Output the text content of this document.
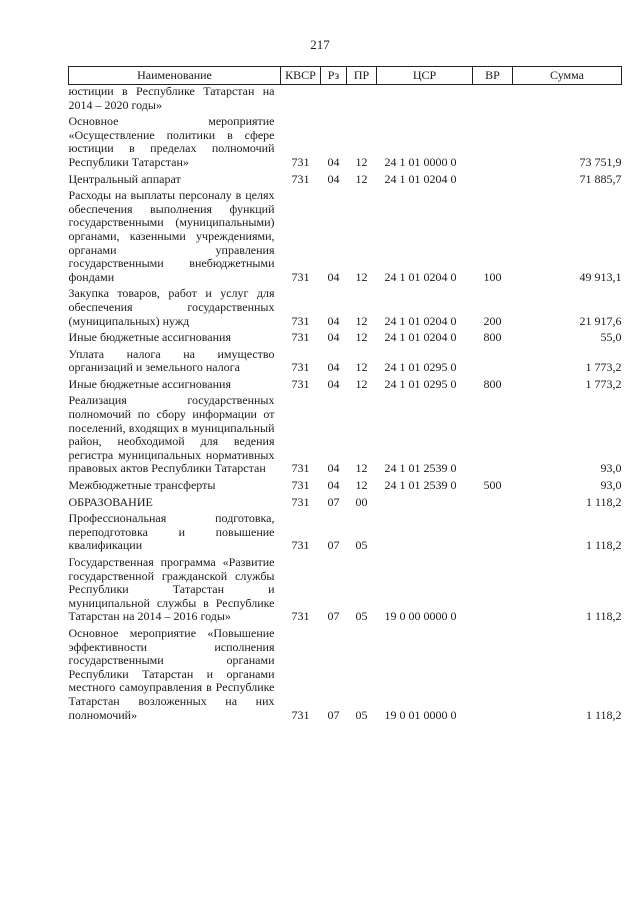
217
Наименование	КВСР	Рз	ПР	ЦСР	ВР	Сумма
юстиции в Республике Татарстан на 2014 – 2020 годы»						
Основное мероприятие «Осуществление политики в сфере юстиции в пределах полномочий Республики Татарстан»	731	04	12	24 1 01 0000 0		73 751,9
Центральный аппарат	731	04	12	24 1 01 0204 0		71 885,7
Расходы на выплаты персоналу в целях обеспечения выполнения функций государственными (муниципальными) органами, казенными учреждениями, органами управления государственными внебюджетными фондами	731	04	12	24 1 01 0204 0	100	49 913,1
Закупка товаров, работ и услуг для обеспечения государственных (муниципальных) нужд	731	04	12	24 1 01 0204 0	200	21 917,6
Иные бюджетные ассигнования	731	04	12	24 1 01 0204 0	800	55,0
Уплата налога на имущество организаций и земельного налога	731	04	12	24 1 01 0295 0		1 773,2
Иные бюджетные ассигнования	731	04	12	24 1 01 0295 0	800	1 773,2
Реализация государственных полномочий по сбору информации от поселений, входящих в муниципальный район, необходимой для ведения регистра муниципальных нормативных правовых актов Республики Татарстан	731	04	12	24 1 01 2539 0		93,0
Межбюджетные трансферты	731	04	12	24 1 01 2539 0	500	93,0
ОБРАЗОВАНИЕ	731	07	00			1 118,2
Профессиональная подготовка, переподготовка и повышение квалификации	731	07	05			1 118,2
Государственная программа «Развитие государственной гражданской службы Республики Татарстан и муниципальной службы в Республике Татарстан на 2014 – 2016 годы»	731	07	05	19 0 00 0000 0		1 118,2
Основное мероприятие «Повышение эффективности исполнения государственными органами Республики Татарстан и органами местного самоуправления в Республике Татарстан возложенных на них полномочий»	731	07	05	19 0 01 0000 0		1 118,2
